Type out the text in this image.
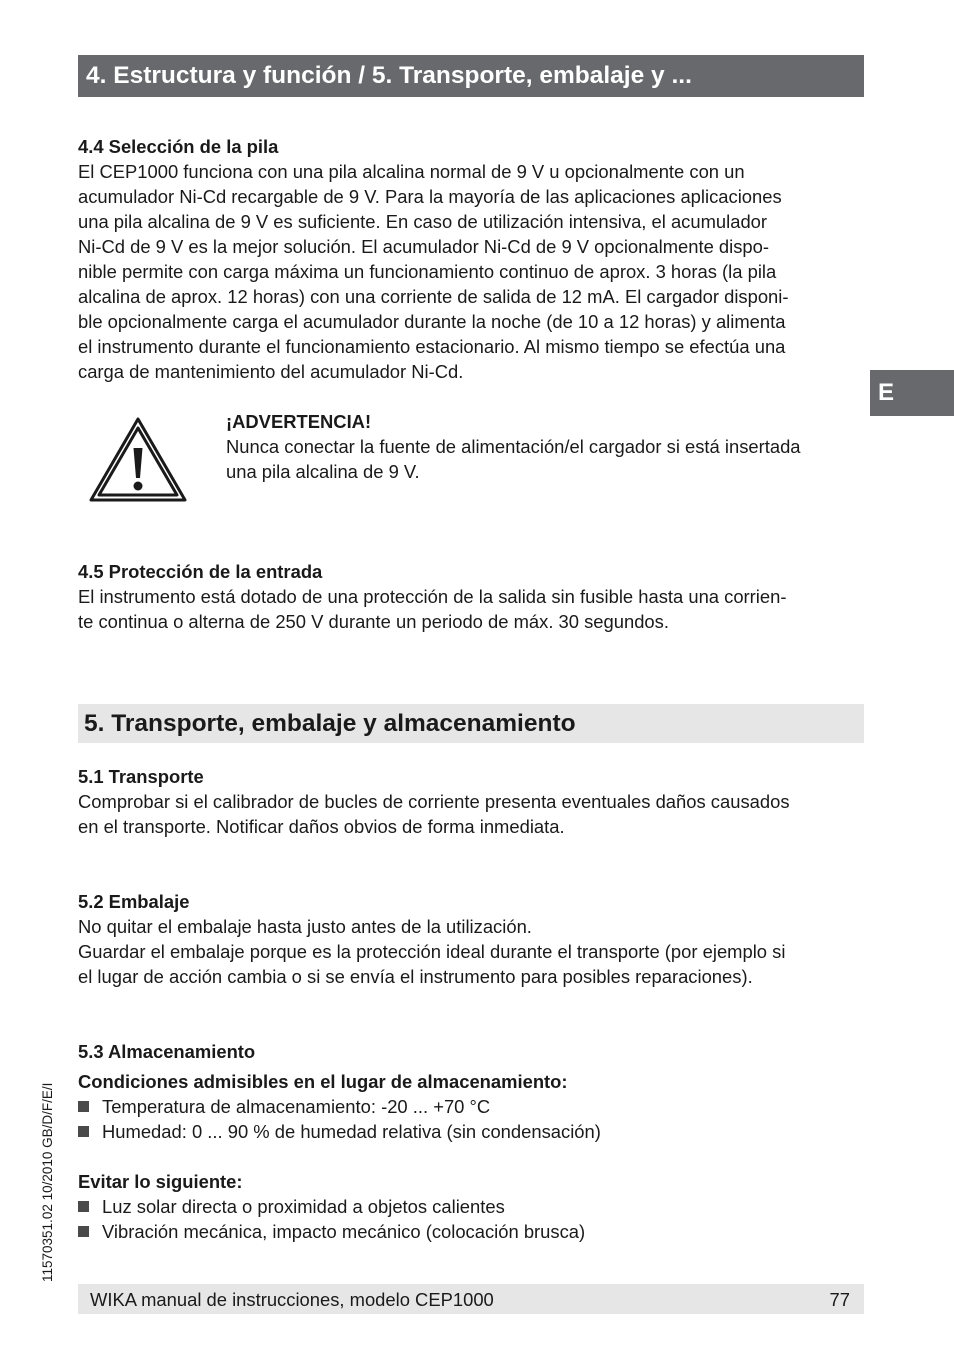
4. Estructura y función / 5. Transporte, embalaje y ...
E
4.4 Selección de la pila
El CEP1000 funciona con una pila alcalina normal de 9 V u opcionalmente con un
acumulador Ni-Cd recargable de 9 V. Para la mayoría de las aplicaciones aplicaciones
una pila alcalina de 9 V es suficiente. En caso de utilización intensiva, el acumulador
Ni-Cd de 9 V es la mejor solución. El acumulador Ni-Cd de 9 V opcionalmente dispo-
nible permite con carga máxima un funcionamiento continuo de aprox. 3 horas (la pila
alcalina de aprox. 12 horas) con una corriente de salida de 12 mA. El cargador disponi-
ble opcionalmente carga el acumulador durante la noche (de 10 a 12 horas) y alimenta
el instrumento durante el funcionamiento estacionario. Al mismo tiempo se efectúa una
carga de mantenimiento del acumulador Ni-Cd.
¡ADVERTENCIA!
Nunca conectar la fuente de alimentación/el cargador si está insertada
una pila alcalina de 9 V.
4.5 Protección de la entrada
El instrumento está dotado de una protección de la salida sin fusible hasta una corrien-
te continua o alterna de 250 V durante un periodo de máx. 30 segundos.
5. Transporte, embalaje y almacenamiento
5.1 Transporte
Comprobar si el calibrador de bucles de corriente presenta eventuales daños causados
en el transporte. Notificar daños obvios de forma inmediata.
5.2 Embalaje
No quitar el embalaje hasta justo antes de la utilización.
Guardar el embalaje porque es la protección ideal durante el transporte (por ejemplo si
el lugar de acción cambia o si se envía el instrumento para posibles reparaciones).
5.3 Almacenamiento
Condiciones admisibles en el lugar de almacenamiento:
Temperatura de almacenamiento: -20 ... +70 °C
Humedad: 0 ... 90 % de humedad relativa (sin condensación)
Evitar lo siguiente:
Luz solar directa o proximidad a objetos calientes
Vibración mecánica, impacto mecánico (colocación brusca)
11570351.02 10/2010 GB/D/F/E/I
WIKA manual de instrucciones, modelo CEP1000	77
